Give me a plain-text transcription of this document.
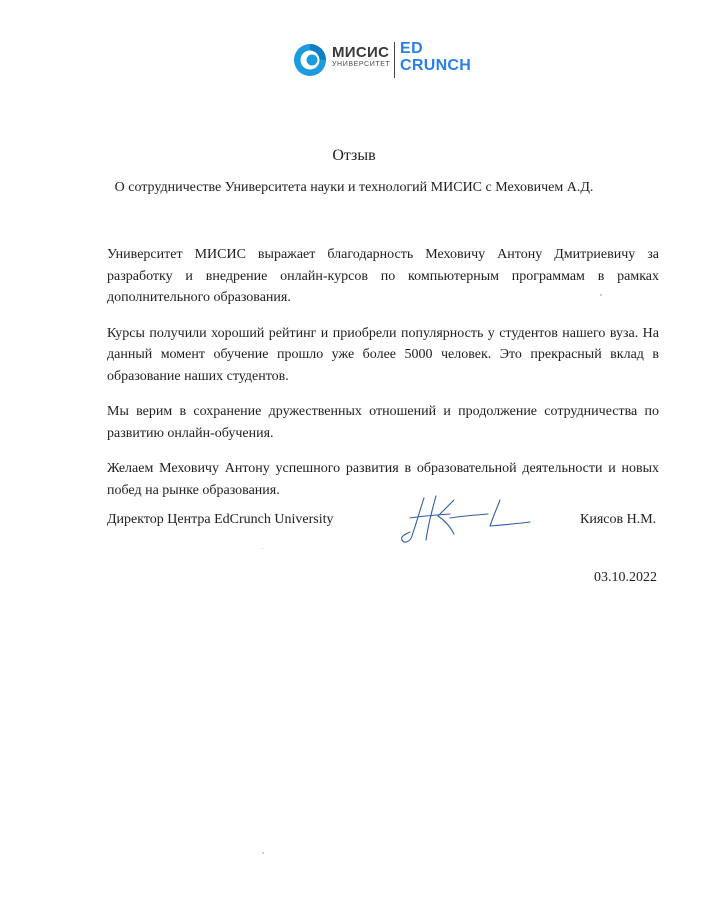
МИСИС
УНИВЕРСИТЕТ
ED
CRUNCH
Отзыв
О сотрудничестве Университета науки и технологий МИСИС с Меховичем А.Д.

Университет МИСИС выражает благодарность Меховичу Антону Дмитриевичу за разработку и внедрение онлайн-курсов по компьютерным программам в рамках дополнительного образования.

Курсы получили хороший рейтинг и приобрели популярность у студентов нашего вуза. На данный момент обучение прошло уже более 5000 человек. Это прекрасный вклад в образование наших студентов.

Мы верим в сохранение дружественных отношений и продолжение сотрудничества по развитию онлайн-обучения.

Желаем Меховичу Антону успешного развития в образовательной деятельности и новых побед на рынке образования.

Директор Центра EdCrunch University	Киясов Н.М.
03.10.2022
